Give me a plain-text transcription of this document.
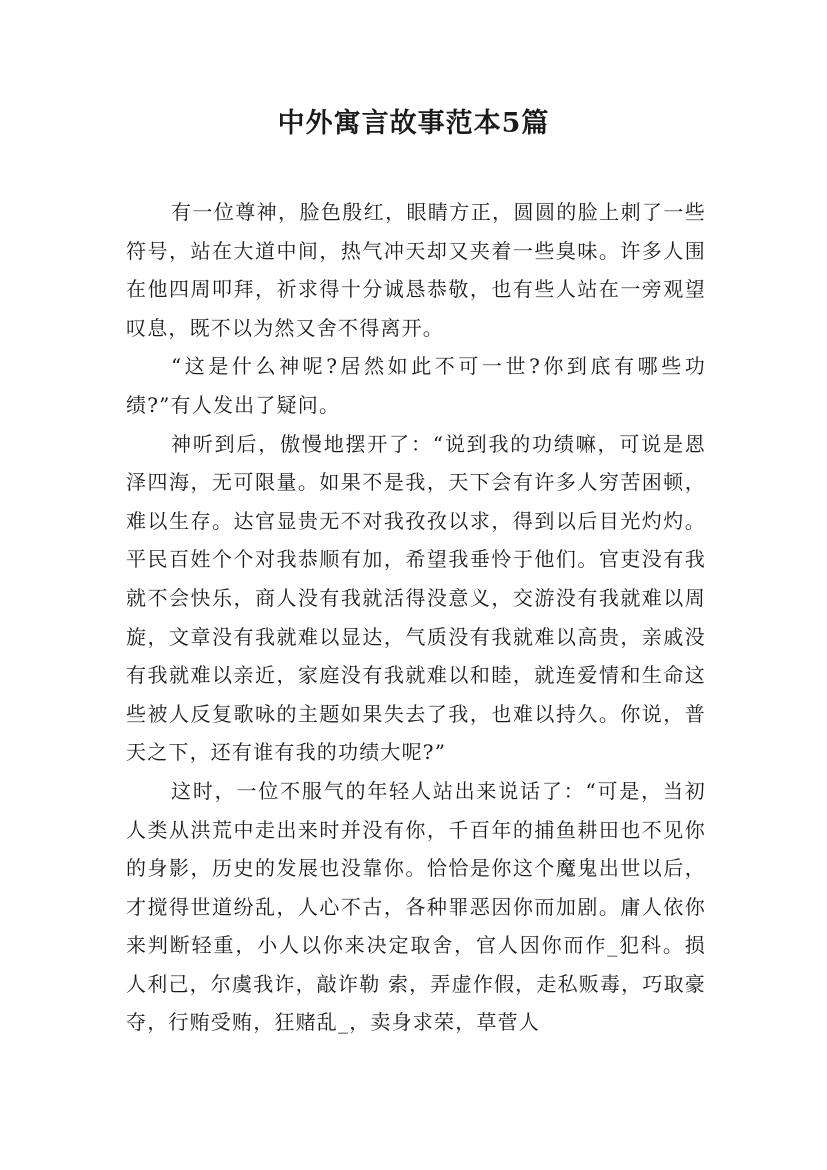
中外寓言故事范本5篇

有一位尊神，脸色殷红，眼睛方正，圆圆的脸上刺了一些符号，站在大道中间，热气冲天却又夹着一些臭味。许多人围在他四周叩拜，祈求得十分诚恳恭敬，也有些人站在一旁观望叹息，既不以为然又舍不得离开。

“这是什么神呢?居然如此不可一世?你到底有哪些功绩?”有人发出了疑问。

神听到后，傲慢地摆开了：“说到我的功绩嘛，可说是恩泽四海，无可限量。如果不是我，天下会有许多人穷苦困顿，难以生存。达官显贵无不对我孜孜以求，得到以后目光灼灼。平民百姓个个对我恭顺有加，希望我垂怜于他们。官吏没有我就不会快乐，商人没有我就活得没意义，交游没有我就难以周旋，文章没有我就难以显达，气质没有我就难以高贵，亲戚没有我就难以亲近，家庭没有我就难以和睦，就连爱情和生命这些被人反复歌咏的主题如果失去了我，也难以持久。你说，普天之下，还有谁有我的功绩大呢?”

这时，一位不服气的年轻人站出来说话了：“可是，当初人类从洪荒中走出来时并没有你，千百年的捕鱼耕田也不见你的身影，历史的发展也没靠你。恰恰是你这个魔鬼出世以后，才搅得世道纷乱，人心不古，各种罪恶因你而加剧。庸人依你来判断轻重，小人以你来决定取舍，官人因你而作_犯科。损人利己，尔虞我诈，敲诈勒 索，弄虚作假，走私贩毒，巧取豪夺，行贿受贿，狂赌乱_，卖身求荣，草菅人
